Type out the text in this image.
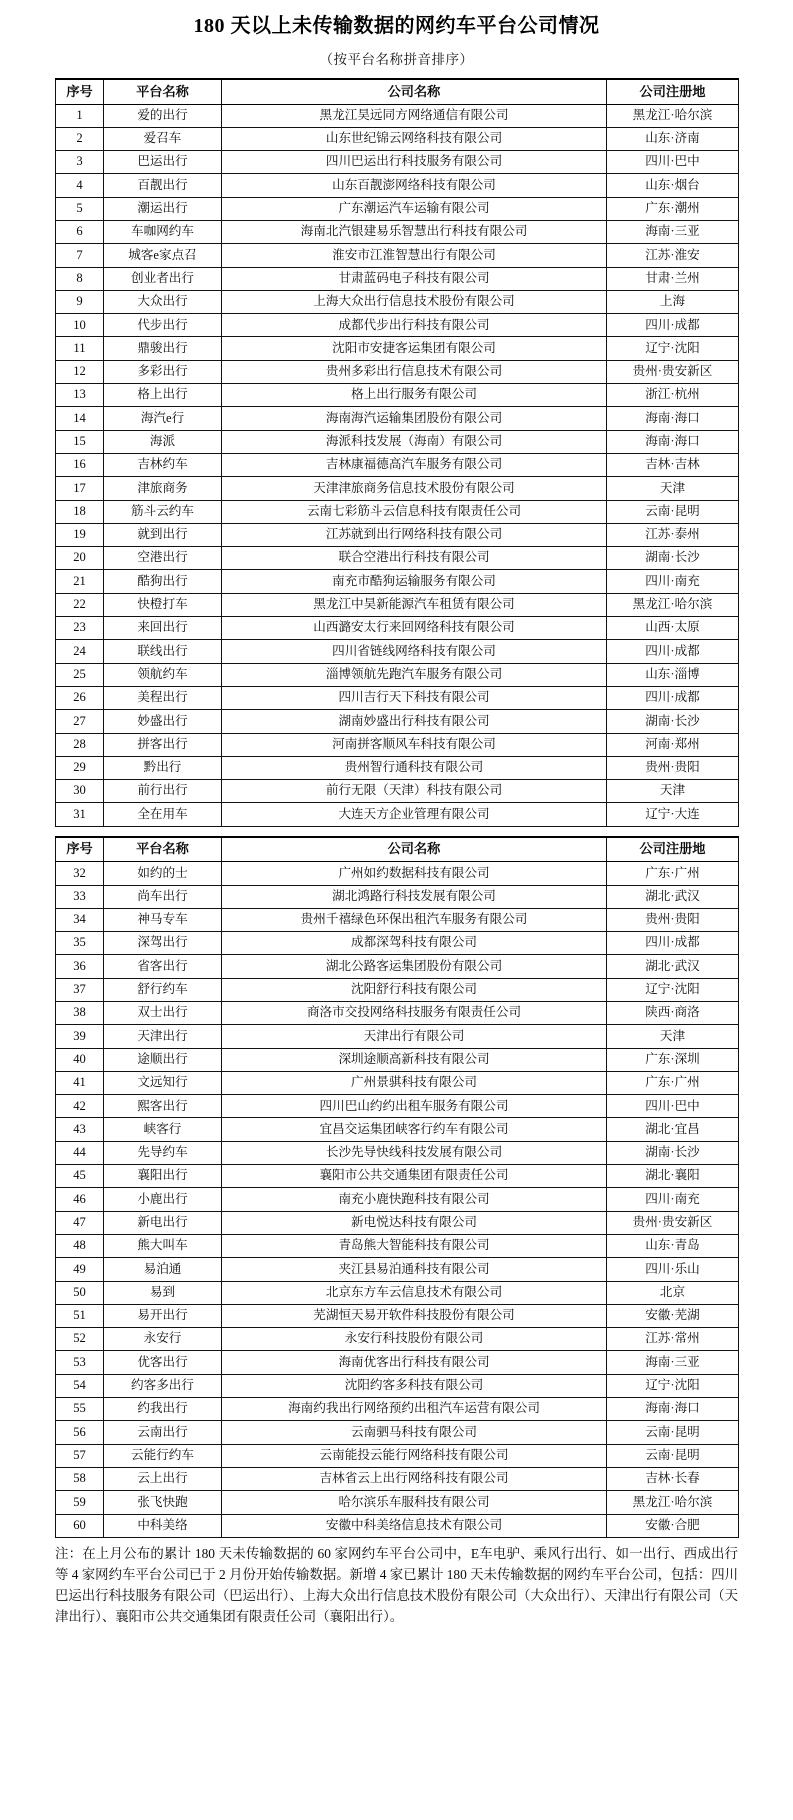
180 天以上未传输数据的网约车平台公司情况
（按平台名称拼音排序）
序号	平台名称	公司名称	公司注册地
1	爱的出行	黑龙江昊远同方网络通信有限公司	黑龙江·哈尔滨
2	爱召车	山东世纪锦云网络科技有限公司	山东·济南
3	巴运出行	四川巴运出行科技服务有限公司	四川·巴中
4	百靓出行	山东百靓澎网络科技有限公司	山东·烟台
5	潮运出行	广东潮运汽车运输有限公司	广东·潮州
6	车咖网约车	海南北汽银建易乐智慧出行科技有限公司	海南·三亚
7	城客e家点召	淮安市江淮智慧出行有限公司	江苏·淮安
8	创业者出行	甘肃蓝码电子科技有限公司	甘肃·兰州
9	大众出行	上海大众出行信息技术股份有限公司	上海
10	代步出行	成都代步出行科技有限公司	四川·成都
11	鼎骏出行	沈阳市安捷客运集团有限公司	辽宁·沈阳
12	多彩出行	贵州多彩出行信息技术有限公司	贵州·贵安新区
13	格上出行	格上出行服务有限公司	浙江·杭州
14	海汽e行	海南海汽运输集团股份有限公司	海南·海口
15	海派	海派科技发展（海南）有限公司	海南·海口
16	吉林约车	吉林康福德高汽车服务有限公司	吉林·吉林
17	津旅商务	天津津旅商务信息技术股份有限公司	天津
18	筋斗云约车	云南七彩筋斗云信息科技有限责任公司	云南·昆明
19	就到出行	江苏就到出行网络科技有限公司	江苏·泰州
20	空港出行	联合空港出行科技有限公司	湖南·长沙
21	酷狗出行	南充市酷狗运输服务有限公司	四川·南充
22	快橙打车	黑龙江中昊新能源汽车租赁有限公司	黑龙江·哈尔滨
23	来回出行	山西潞安太行来回网络科技有限公司	山西·太原
24	联线出行	四川省链线网络科技有限公司	四川·成都
25	领航约车	淄博领航先跑汽车服务有限公司	山东·淄博
26	美程出行	四川吉行天下科技有限公司	四川·成都
27	妙盛出行	湖南妙盛出行科技有限公司	湖南·长沙
28	拼客出行	河南拼客顺风车科技有限公司	河南·郑州
29	黔出行	贵州智行通科技有限公司	贵州·贵阳
30	前行出行	前行无限（天津）科技有限公司	天津
31	全在用车	大连天方企业管理有限公司	辽宁·大连
序号	平台名称	公司名称	公司注册地
32	如约的士	广州如约数据科技有限公司	广东·广州
33	尚车出行	湖北鸿路行科技发展有限公司	湖北·武汉
34	神马专车	贵州千禧绿色环保出租汽车服务有限公司	贵州·贵阳
35	深驾出行	成都深驾科技有限公司	四川·成都
36	省客出行	湖北公路客运集团股份有限公司	湖北·武汉
37	舒行约车	沈阳舒行科技有限公司	辽宁·沈阳
38	双士出行	商洛市交投网络科技服务有限责任公司	陕西·商洛
39	天津出行	天津出行有限公司	天津
40	途顺出行	深圳途顺高新科技有限公司	广东·深圳
41	文远知行	广州景骐科技有限公司	广东·广州
42	熙客出行	四川巴山约约出租车服务有限公司	四川·巴中
43	峡客行	宜昌交运集团峡客行约车有限公司	湖北·宜昌
44	先导约车	长沙先导快线科技发展有限公司	湖南·长沙
45	襄阳出行	襄阳市公共交通集团有限责任公司	湖北·襄阳
46	小鹿出行	南充小鹿快跑科技有限公司	四川·南充
47	新电出行	新电悦达科技有限公司	贵州·贵安新区
48	熊大叫车	青岛熊大智能科技有限公司	山东·青岛
49	易泊通	夹江县易泊通科技有限公司	四川·乐山
50	易到	北京东方车云信息技术有限公司	北京
51	易开出行	芜湖恒天易开软件科技股份有限公司	安徽·芜湖
52	永安行	永安行科技股份有限公司	江苏·常州
53	优客出行	海南优客出行科技有限公司	海南·三亚
54	约客多出行	沈阳约客多科技有限公司	辽宁·沈阳
55	约我出行	海南约我出行网络预约出租汽车运营有限公司	海南·海口
56	云南出行	云南驷马科技有限公司	云南·昆明
57	云能行约车	云南能投云能行网络科技有限公司	云南·昆明
58	云上出行	吉林省云上出行网络科技有限公司	吉林·长春
59	张飞快跑	哈尔滨乐车服科技有限公司	黑龙江·哈尔滨
60	中科美络	安徽中科美络信息技术有限公司	安徽·合肥
注：在上月公布的累计 180 天未传输数据的 60 家网约车平台公司中，E车电驴、乘风行出行、如一出行、西成出行等 4 家网约车平台公司已于 2 月份开始传输数据。新增 4 家已累计 180 天未传输数据的网约车平台公司，包括：四川巴运出行科技服务有限公司（巴运出行）、上海大众出行信息技术股份有限公司（大众出行）、天津出行有限公司（天津出行）、襄阳市公共交通集团有限责任公司（襄阳出行）。
